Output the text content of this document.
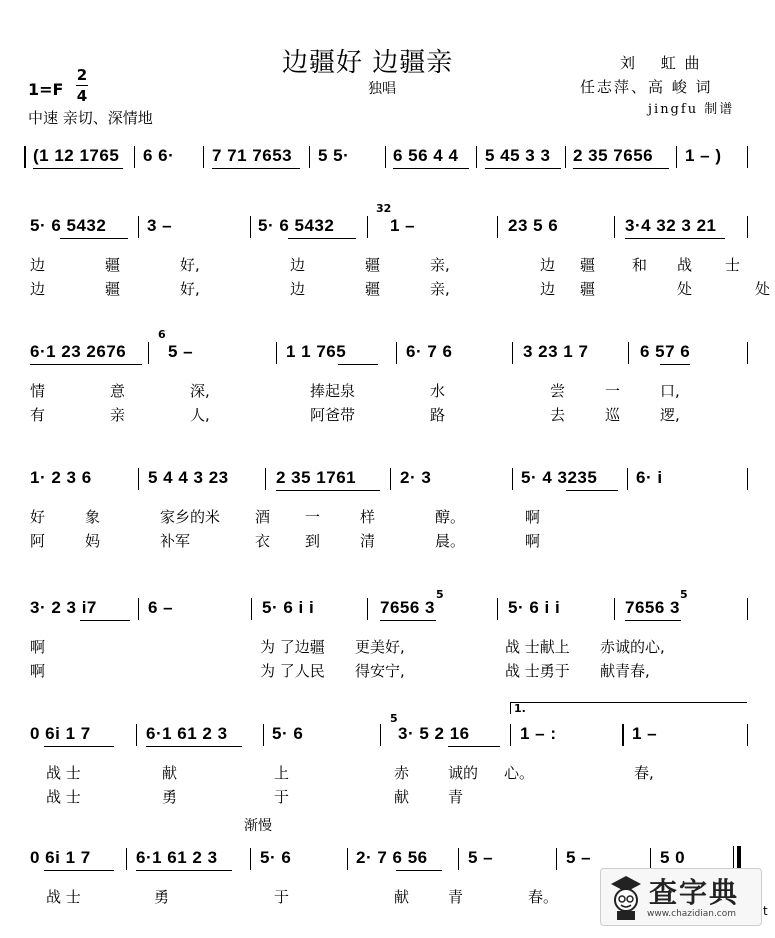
边疆好 边疆亲
独唱
1=F
2
4
中速 亲切、深情地
刘　 虹 曲
任志萍、高 峻 词
jingfu 制谱
(1 12 1765 6 6· 7 71 7653 5 5·	6 56 4 4 5 45 3 3 2 35 7656 1 – )
5· 6 5432 3 –	5· 6 5432
32
1 –	23 5 6	3·4 32 3 21
边	疆	好,	边	疆	亲,	边 疆 和 战 士
边	疆	好,	边	疆	亲,	边 疆	处	处
6·1 23 2676
6
5 –	1 1 765	6· 7 6	3 23 1 7	6 57 6
情	意	深,	捧起泉	水	尝	一	口,
有	亲	人,	阿爸带	路	去	巡	逻,
1· 2 3 6	5 4 4 3 23	2 35 1761	2· 3	5· 4 3235 6· i
好	象	家乡的米 酒 一	样	醇。	啊
阿	妈	补军	衣 到	清	晨。	啊
3· 2 3 i7	6 –	5· 6 i i	7656 3
5
5· 6 i i	7656 3
5
啊	为 了边疆 更美好,	战 士献上 赤诚的心,
啊	为 了人民 得安宁,	战 士勇于 献青春,
1.
0 6i 1 7	6·1 61 2 3	5· 6
5
3· 5 2 16	1 – :	1 –
战 士	献	上	赤	诚的 心。	春,
战 士	勇	于	献	青
渐慢
0 6i 1 7	6·1 61 2 3 5· 6	2· 7 6 56 5 –	5 –	5 0
战 士	勇	于	献	青	春。	查字典
www.chazidian.com t
